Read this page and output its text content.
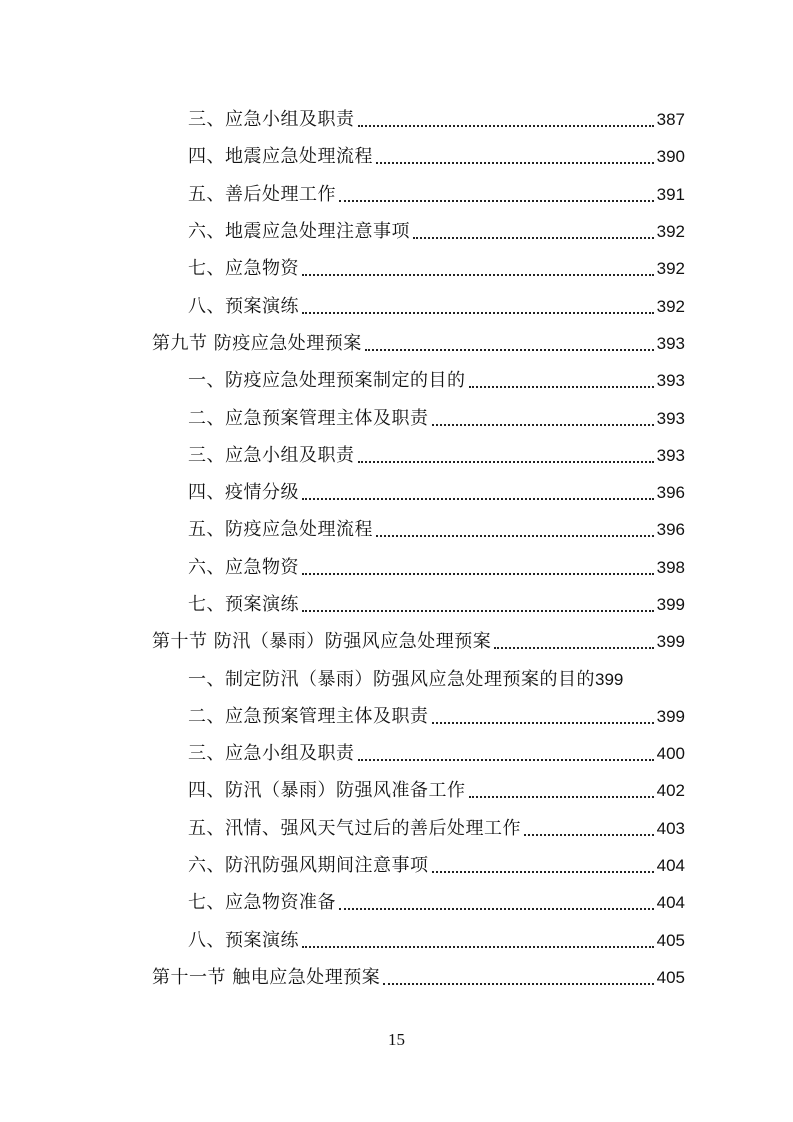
三、应急小组及职责	387
四、地震应急处理流程	390
五、善后处理工作	391
六、地震应急处理注意事项	392
七、应急物资	392
八、预案演练	392
第九节 防疫应急处理预案	393
一、防疫应急处理预案制定的目的	393
二、应急预案管理主体及职责	393
三、应急小组及职责	393
四、疫情分级	396
五、防疫应急处理流程	396
六、应急物资	398
七、预案演练	399
第十节 防汛（暴雨）防强风应急处理预案	399
一、制定防汛（暴雨）防强风应急处理预案的目的 399
二、应急预案管理主体及职责	399
三、应急小组及职责	400
四、防汛（暴雨）防强风准备工作	402
五、汛情、强风天气过后的善后处理工作	403
六、防汛防强风期间注意事项	404
七、应急物资准备	404
八、预案演练	405
第十一节 触电应急处理预案	405
15
